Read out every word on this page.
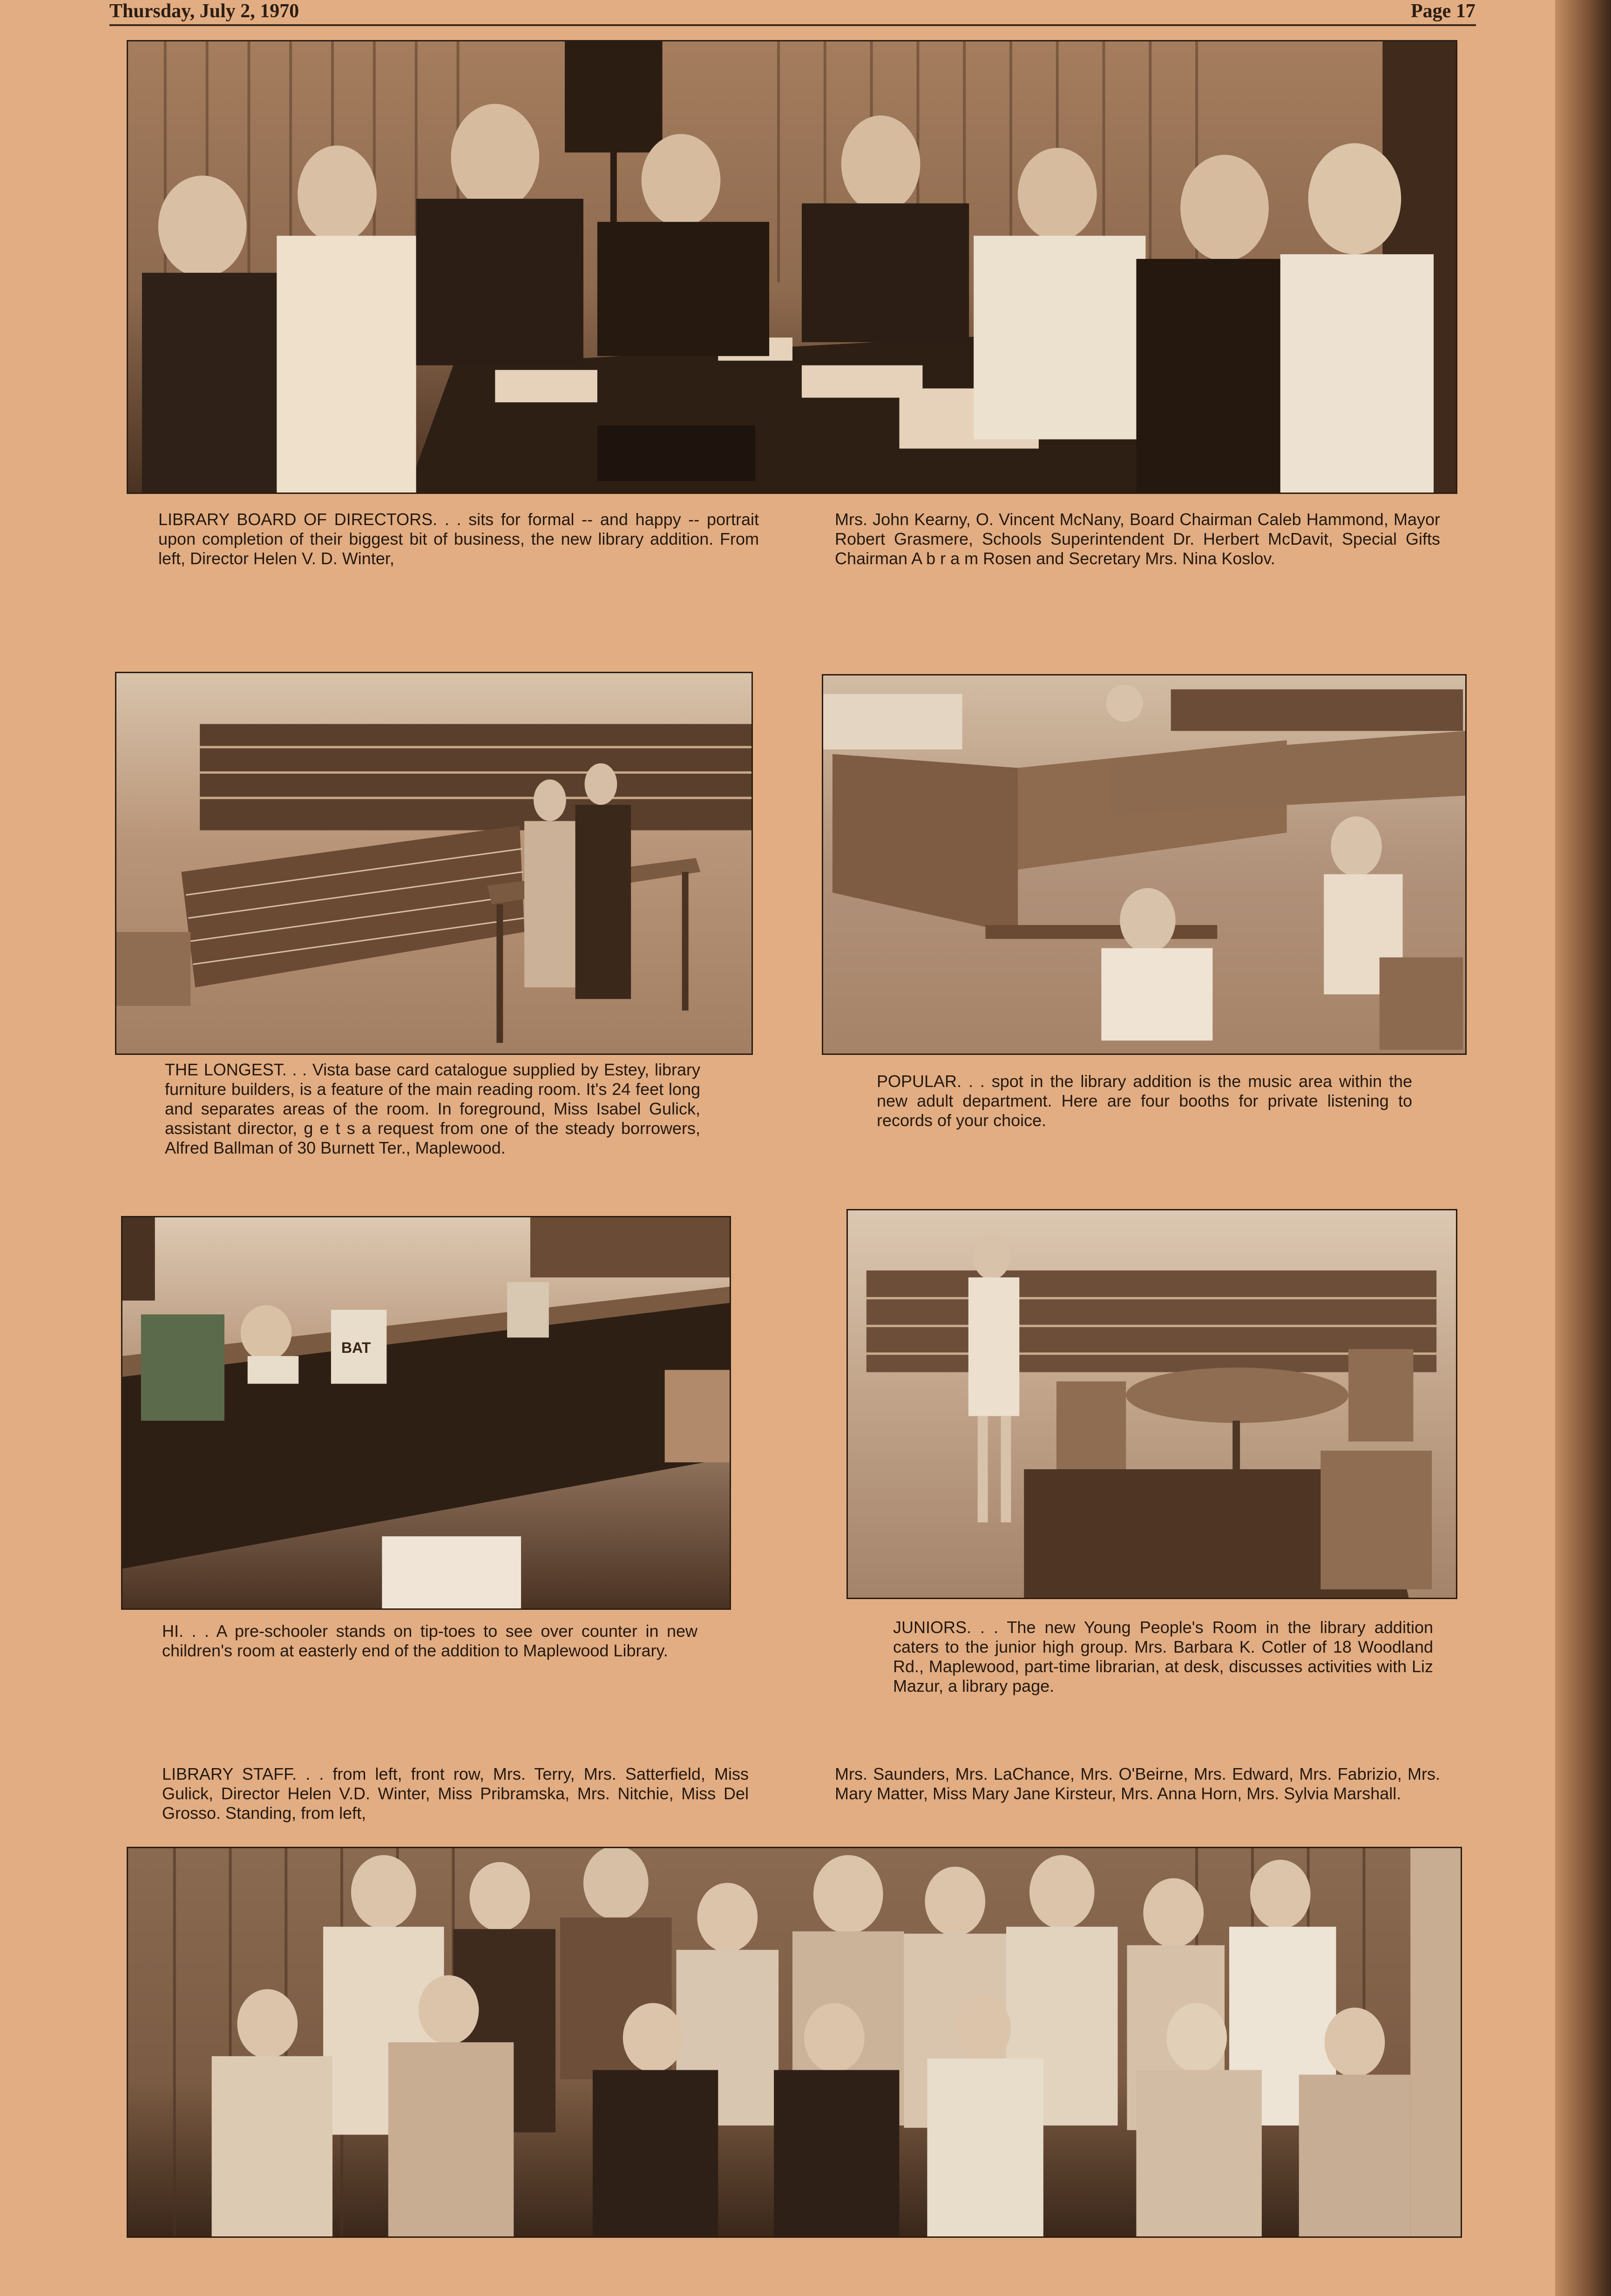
Thursday, July 2, 1970	Page 17
LIBRARY BOARD OF DIRECTORS. . . sits for formal -- and happy -- portrait upon completion of their biggest bit of business, the new library addition. From left, Director Helen V. D. Winter,
Mrs. John Kearny, O. Vincent McNany, Board Chairman Caleb Hammond, Mayor Robert Grasmere, Schools Superintendent Dr. Herbert McDavit, Special Gifts Chairman A b r a m Rosen and Secretary Mrs. Nina Koslov.
THE LONGEST. . . Vista base card catalogue supplied by Estey, library furniture builders, is a feature of the main reading room. It's 24 feet long and separates areas of the room. In foreground, Miss Isabel Gulick, assistant director, g e t s a request from one of the steady borrowers, Alfred Ballman of 30 Burnett Ter., Maplewood.
POPULAR. . . spot in the library addition is the music area within the new adult department. Here are four booths for private listening to records of your choice.
BAT
HI. . . A pre-schooler stands on tip-toes to see over counter in new children's room at easterly end of the addition to Maplewood Library.
JUNIORS. . . The new Young People's Room in the library addition caters to the junior high group. Mrs. Barbara K. Cotler of 18 Woodland Rd., Maplewood, part-time librarian, at desk, discusses activities with Liz Mazur, a library page.
LIBRARY STAFF. . . from left, front row, Mrs. Terry, Mrs. Satterfield, Miss Gulick, Director Helen V.D. Winter, Miss Pribramska, Mrs. Nitchie, Miss Del Grosso. Standing, from left,
Mrs. Saunders, Mrs. LaChance, Mrs. O'Beirne, Mrs. Edward, Mrs. Fabrizio, Mrs. Mary Matter, Miss Mary Jane Kirsteur, Mrs. Anna Horn, Mrs. Sylvia Marshall.
